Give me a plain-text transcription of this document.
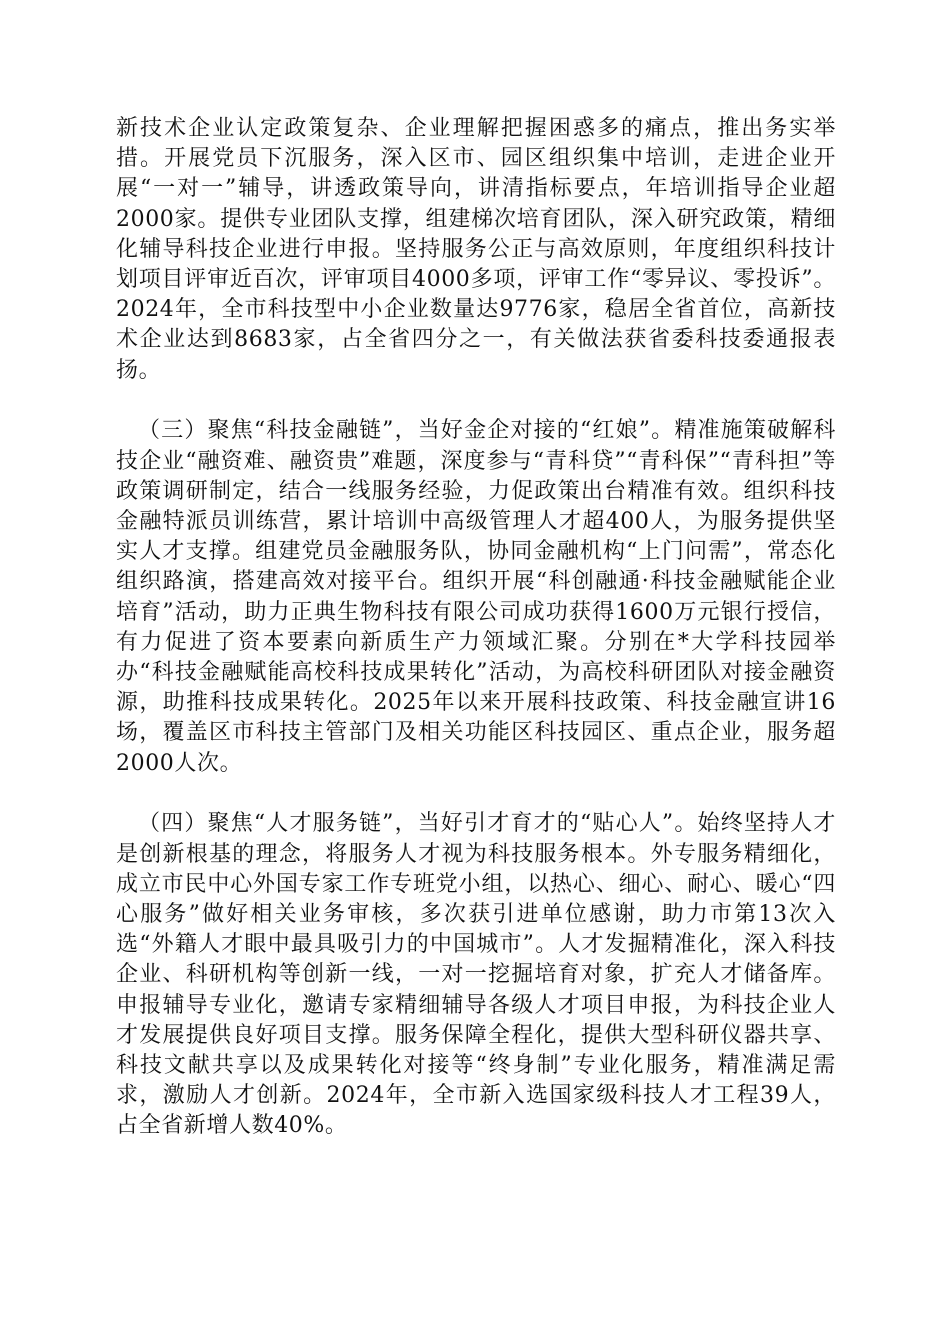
新技术企业认定政策复杂、企业理解把握困惑多的痛点，推出务实举措。开展党员下沉服务，深入区市、园区组织集中培训，走进企业开展“一对一”辅导，讲透政策导向，讲清指标要点，年培训指导企业超2000家。提供专业团队支撑，组建梯次培育团队，深入研究政策，精细化辅导科技企业进行申报。坚持服务公正与高效原则，年度组织科技计划项目评审近百次，评审项目4000多项，评审工作“零异议、零投诉”。2024年，全市科技型中小企业数量达9776家，稳居全省首位，高新技术企业达到8683家，占全省四分之一，有关做法获省委科技委通报表扬。

（三）聚焦“科技金融链”，当好金企对接的“红娘”。精准施策破解科技企业“融资难、融资贵”难题，深度参与“青科贷”“青科保”“青科担”等政策调研制定，结合一线服务经验，力促政策出台精准有效。组织科技金融特派员训练营，累计培训中高级管理人才超400人，为服务提供坚实人才支撑。组建党员金融服务队，协同金融机构“上门问需”，常态化组织路演，搭建高效对接平台。组织开展“科创融通·科技金融赋能企业培育”活动，助力正典生物科技有限公司成功获得1600万元银行授信，有力促进了资本要素向新质生产力领域汇聚。分别在*大学科技园举办“科技金融赋能高校科技成果转化”活动，为高校科研团队对接金融资源，助推科技成果转化。2025年以来开展科技政策、科技金融宣讲16场，覆盖区市科技主管部门及相关功能区科技园区、重点企业，服务超2000人次。

（四）聚焦“人才服务链”，当好引才育才的“贴心人”。始终坚持人才是创新根基的理念，将服务人才视为科技服务根本。外专服务精细化，成立市民中心外国专家工作专班党小组，以热心、细心、耐心、暖心“四心服务”做好相关业务审核，多次获引进单位感谢，助力市第13次入选“外籍人才眼中最具吸引力的中国城市”。人才发掘精准化，深入科技企业、科研机构等创新一线，一对一挖掘培育对象，扩充人才储备库。申报辅导专业化，邀请专家精细辅导各级人才项目申报，为科技企业人才发展提供良好项目支撑。服务保障全程化，提供大型科研仪器共享、科技文献共享以及成果转化对接等“终身制”专业化服务，精准满足需求，激励人才创新。2024年，全市新入选国家级科技人才工程39人，占全省新增人数40%。
